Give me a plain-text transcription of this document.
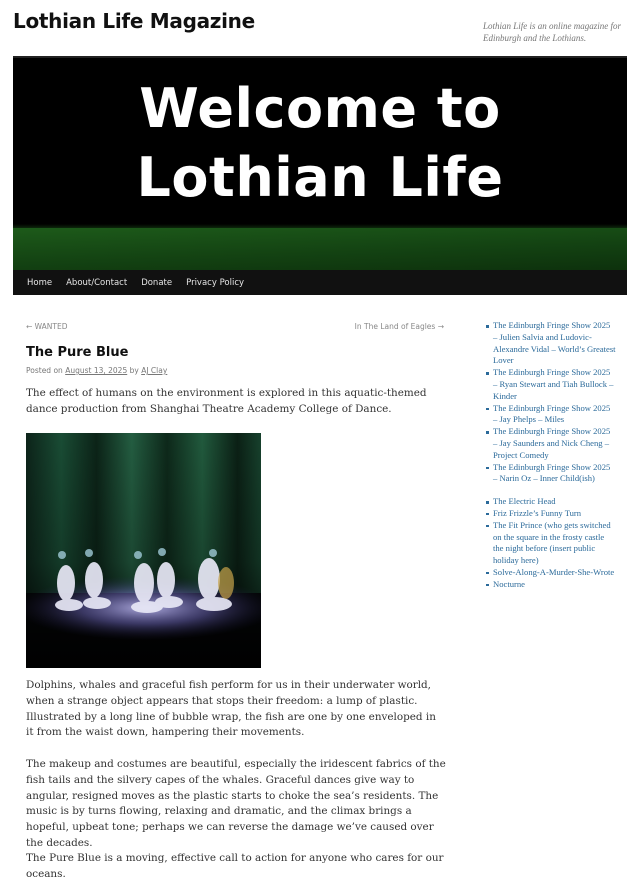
Lothian Life Magazine	Lothian Life is an online magazine for Edinburgh and the Lothians.
Welcome to
Lothian Life
Home About/Contact Donate Privacy Policy
← WANTED	In The Land of Eagles →
The Pure Blue
Posted on August 13, 2025 by AJ Clay

The effect of humans on the environment is explored in this aquatic-themed dance production from Shanghai Theatre Academy College of Dance.

Dolphins, whales and graceful fish perform for us in their underwater world, when a strange object appears that stops their freedom: a lump of plastic. Illustrated by a long line of bubble wrap, the fish are one by one enveloped in it from the waist down, hampering their movements.

The makeup and costumes are beautiful, especially the iridescent fabrics of the fish tails and the silvery capes of the whales. Graceful dances give way to angular, resigned moves as the plastic starts to choke the sea’s residents. The music is by turns flowing, relaxing and dramatic, and the climax brings a hopeful, upbeat tone; perhaps we can reverse the damage we’ve caused over the decades.

The Pure Blue is a moving, effective call to action for anyone who cares for our oceans.

The Edinburgh Fringe Show 2025 – Julien Salvia and Ludovic-Alexandre Vidal – World’s Greatest Lover
The Edinburgh Fringe Show 2025 – Ryan Stewart and Tiah Bullock – Kinder
The Edinburgh Fringe Show 2025 – Jay Phelps – Miles
The Edinburgh Fringe Show 2025 – Jay Saunders and Nick Cheng – Project Comedy
The Edinburgh Fringe Show 2025 – Narin Oz – Inner Child(ish)
The Electric Head
Friz Frizzle’s Funny Turn
The Fit Prince (who gets switched on the square in the frosty castle the night before (insert public holiday here)
Solve-Along-A-Murder-She-Wrote
Nocturne
